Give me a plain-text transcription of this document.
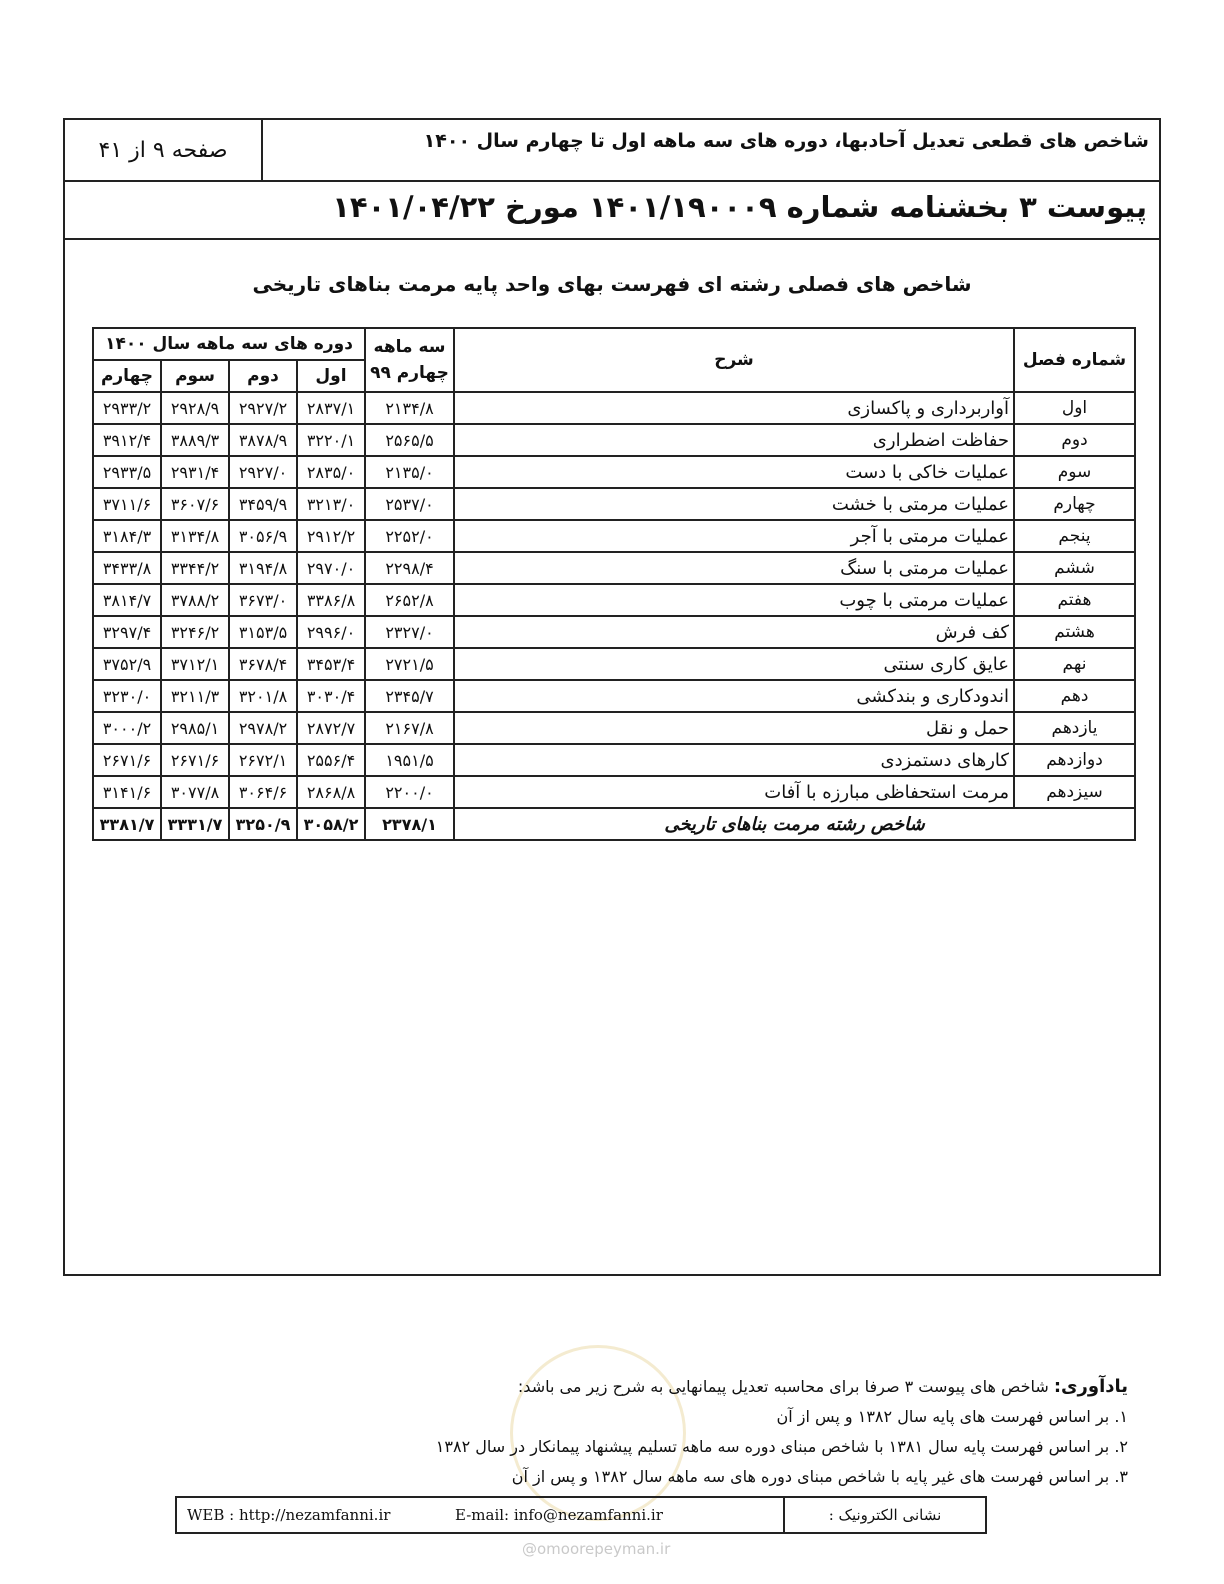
شاخص های قطعی تعدیل آحادبها، دوره های سه ماهه اول تا چهارم سال ۱۴۰۰
صفحه ۹ از ۴۱
پیوست ۳ بخشنامه شماره ۱۴۰۱/۱۹۰۰۰۹ مورخ ۱۴۰۱/۰۴/۲۲
شاخص های فصلی رشته ای فهرست بهای واحد پایه مرمت بناهای تاریخی
شماره فصل	شرح	سه ماهه چهارم ۹۹	دوره های سه ماهه سال ۱۴۰۰			
			اول	دوم	سوم	چهارم
اول	آواربرداری و پاکسازی	۲۱۳۴/۸	۲۸۳۷/۱	۲۹۲۷/۲	۲۹۲۸/۹	۲۹۳۳/۲
دوم	حفاظت اضطراری	۲۵۶۵/۵	۳۲۲۰/۱	۳۸۷۸/۹	۳۸۸۹/۳	۳۹۱۲/۴
سوم	عملیات خاکی با دست	۲۱۳۵/۰	۲۸۳۵/۰	۲۹۲۷/۰	۲۹۳۱/۴	۲۹۳۳/۵
چهارم	عملیات مرمتی با خشت	۲۵۳۷/۰	۳۲۱۳/۰	۳۴۵۹/۹	۳۶۰۷/۶	۳۷۱۱/۶
پنجم	عملیات مرمتی با آجر	۲۲۵۲/۰	۲۹۱۲/۲	۳۰۵۶/۹	۳۱۳۴/۸	۳۱۸۴/۳
ششم	عملیات مرمتی با سنگ	۲۲۹۸/۴	۲۹۷۰/۰	۳۱۹۴/۸	۳۳۴۴/۲	۳۴۳۳/۸
هفتم	عملیات مرمتی با چوب	۲۶۵۲/۸	۳۳۸۶/۸	۳۶۷۳/۰	۳۷۸۸/۲	۳۸۱۴/۷
هشتم	کف فرش	۲۳۲۷/۰	۲۹۹۶/۰	۳۱۵۳/۵	۳۲۴۶/۲	۳۲۹۷/۴
نهم	عایق کاری سنتی	۲۷۲۱/۵	۳۴۵۳/۴	۳۶۷۸/۴	۳۷۱۲/۱	۳۷۵۲/۹
دهم	اندودکاری و بندکشی	۲۳۴۵/۷	۳۰۳۰/۴	۳۲۰۱/۸	۳۲۱۱/۳	۳۲۳۰/۰
یازدهم	حمل و نقل	۲۱۶۷/۸	۲۸۷۲/۷	۲۹۷۸/۲	۲۹۸۵/۱	۳۰۰۰/۲
دوازدهم	کارهای دستمزدی	۱۹۵۱/۵	۲۵۵۶/۴	۲۶۷۲/۱	۲۶۷۱/۶	۲۶۷۱/۶
سیزدهم	مرمت استحفاظی مبارزه با آفات	۲۲۰۰/۰	۲۸۶۸/۸	۳۰۶۴/۶	۳۰۷۷/۸	۳۱۴۱/۶
شاخص رشته مرمت بناهای تاریخی		۲۳۷۸/۱	۳۰۵۸/۲	۳۲۵۰/۹	۳۳۳۱/۷	۳۳۸۱/۷
یادآوری: شاخص های پیوست ۳ صرفا برای محاسبه تعدیل پیمانهایی به شرح زیر می باشد:
۱. بر اساس فهرست های پایه سال ۱۳۸۲ و پس از آن
۲. بر اساس فهرست پایه سال ۱۳۸۱ با شاخص مبنای دوره سه ماهه تسلیم پیشنهاد پیمانکار در سال ۱۳۸۲
۳. بر اساس فهرست های غیر پایه با شاخص مبنای دوره های سه ماهه سال ۱۳۸۲ و پس از آن
نشانی الکترونیک :
WEB : http://nezamfanni.ir	E-mail: info@nezamfanni.ir
@omoorepeyman.ir
